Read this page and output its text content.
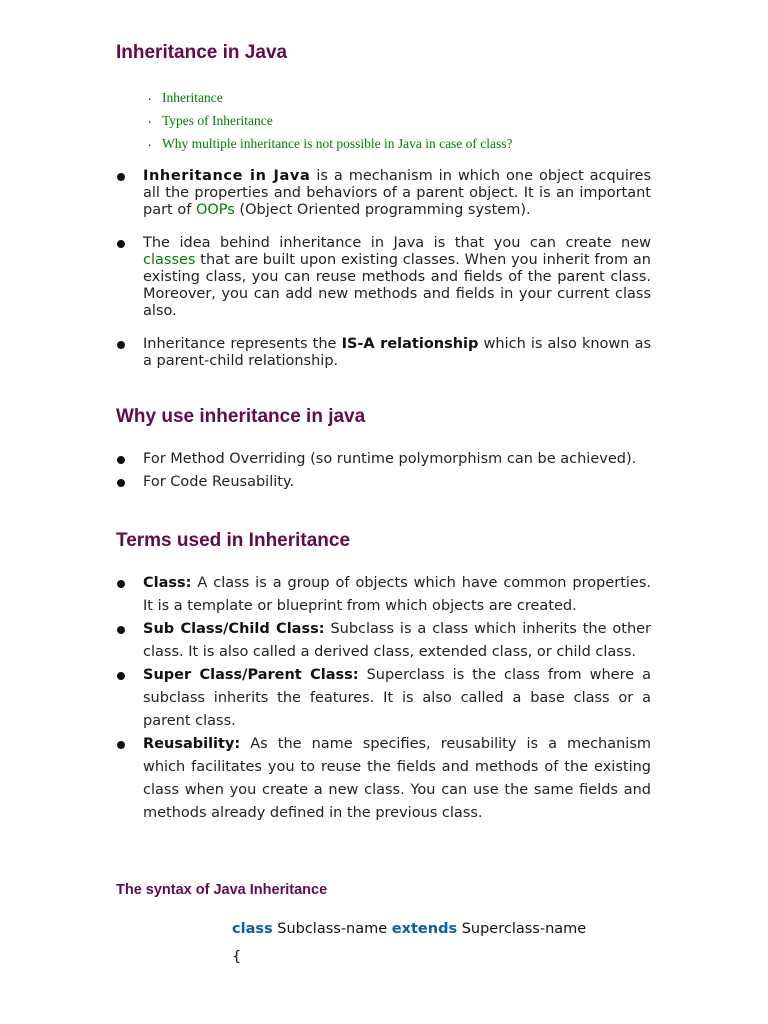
Inheritance in Java
. Inheritance
. Types of Inheritance
. Why multiple inheritance is not possible in Java in case of class?
Inheritance in Java is a mechanism in which one object acquires all the properties and behaviors of a parent object. It is an important part of OOPs (Object Oriented programming system).
The idea behind inheritance in Java is that you can create new classes that are built upon existing classes. When you inherit from an existing class, you can reuse methods and fields of the parent class. Moreover, you can add new methods and fields in your current class also.
Inheritance represents the IS-A relationship which is also known as a parent-child relationship.
Why use inheritance in java
For Method Overriding (so runtime polymorphism can be achieved).
For Code Reusability.
Terms used in Inheritance
Class: A class is a group of objects which have common properties. It is a template or blueprint from which objects are created.
Sub Class/Child Class: Subclass is a class which inherits the other class. It is also called a derived class, extended class, or child class.
Super Class/Parent Class: Superclass is the class from where a subclass inherits the features. It is also called a base class or a parent class.
Reusability: As the name specifies, reusability is a mechanism which facilitates you to reuse the fields and methods of the existing class when you create a new class. You can use the same fields and methods already defined in the previous class.
The syntax of Java Inheritance
class Subclass-name extends Superclass-name
{
